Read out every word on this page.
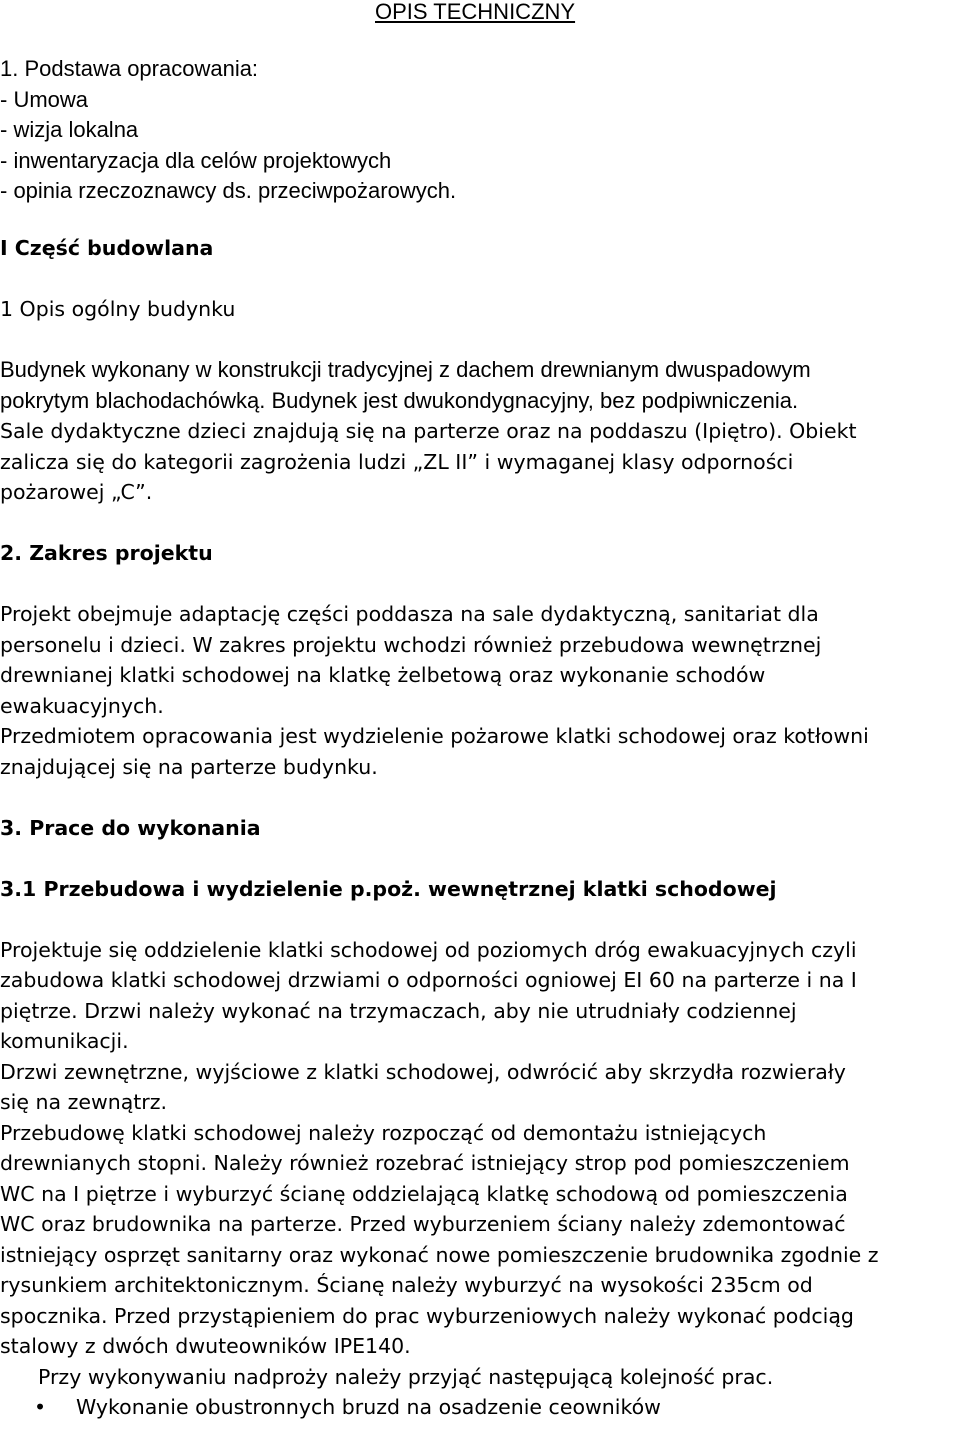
OPIS TECHNICZNY
1. Podstawa opracowania:
- Umowa
- wizja lokalna
- inwentaryzacja dla celów projektowych
- opinia rzeczoznawcy ds. przeciwpożarowych.
I Część budowlana
1 Opis ogólny budynku
Budynek wykonany w konstrukcji tradycyjnej z dachem drewnianym dwuspadowym
pokrytym blachodachówką. Budynek jest dwukondygnacyjny, bez podpiwniczenia.
Sale dydaktyczne dzieci znajdują się na parterze oraz na poddaszu (Ipiętro). Obiekt
zalicza się do kategorii zagrożenia ludzi „ZL II” i wymaganej klasy odporności
pożarowej „C”.
2. Zakres projektu
Projekt obejmuje adaptację części poddasza na sale dydaktyczną, sanitariat dla
personelu i dzieci. W zakres projektu wchodzi również przebudowa wewnętrznej
drewnianej klatki schodowej na klatkę żelbetową oraz wykonanie schodów
ewakuacyjnych.
Przedmiotem opracowania jest wydzielenie pożarowe klatki schodowej oraz kotłowni
znajdującej się na parterze budynku.
3. Prace do wykonania
3.1 Przebudowa i wydzielenie p.poż. wewnętrznej klatki schodowej
Projektuje się oddzielenie klatki schodowej od poziomych dróg ewakuacyjnych czyli
zabudowa klatki schodowej drzwiami o odporności ogniowej EI 60 na parterze i na I
piętrze. Drzwi należy wykonać na trzymaczach, aby nie utrudniały codziennej
komunikacji.
Drzwi zewnętrzne, wyjściowe z klatki schodowej, odwrócić aby skrzydła rozwierały
się na zewnątrz.
Przebudowę klatki schodowej należy rozpocząć od demontażu istniejących
drewnianych stopni. Należy również rozebrać istniejący strop pod pomieszczeniem
WC na I piętrze i wyburzyć ścianę oddzielającą klatkę schodową od pomieszczenia
WC oraz brudownika na parterze. Przed wyburzeniem ściany należy zdemontować
istniejący osprzęt sanitarny oraz wykonać nowe pomieszczenie brudownika zgodnie z
rysunkiem architektonicznym. Ścianę należy wyburzyć na wysokości 235cm od
spocznika. Przed przystąpieniem do prac wyburzeniowych należy wykonać podciąg
stalowy z dwóch dwuteowników IPE140.
Przy wykonywaniu nadproży należy przyjąć następującą kolejność prac.
• Wykonanie obustronnych bruzd na osadzenie ceowników
